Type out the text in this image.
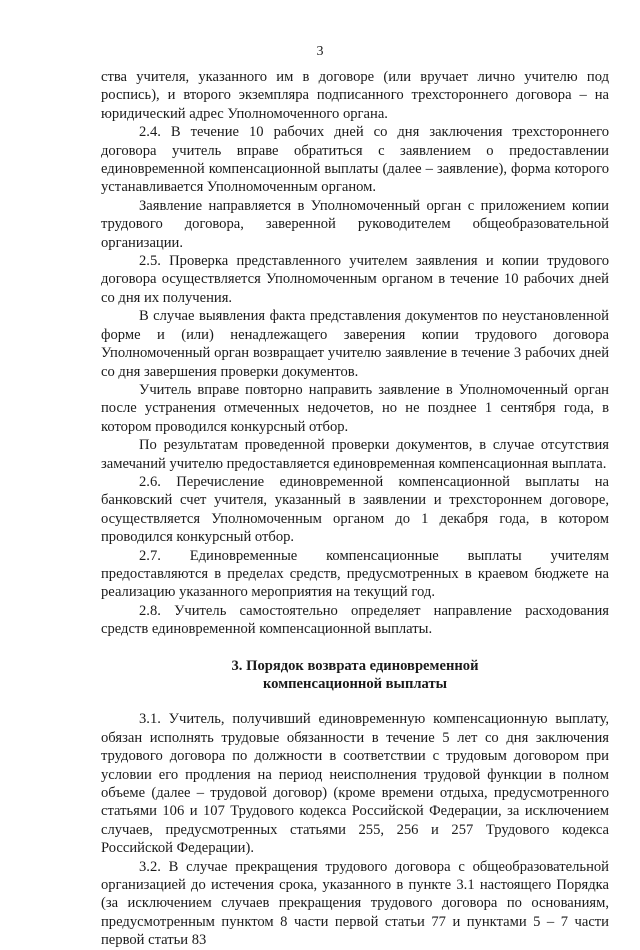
3

ства учителя, указанного им в договоре (или вручает лично учителю под роспись), и второго экземпляра подписанного трехстороннего договора – на юридический адрес Уполномоченного органа.

2.4. В течение 10 рабочих дней со дня заключения трехстороннего договора учитель вправе обратиться с заявлением о предоставлении единовременной компенсационной выплаты (далее – заявление), форма которого устанавливается Уполномоченным органом.

Заявление направляется в Уполномоченный орган с приложением копии трудового договора, заверенной руководителем общеобразовательной организации.

2.5. Проверка представленного учителем заявления и копии трудового договора осуществляется Уполномоченным органом в течение 10 рабочих дней со дня их получения.

В случае выявления факта представления документов по неустановленной форме и (или) ненадлежащего заверения копии трудового договора Уполномоченный орган возвращает учителю заявление в течение 3 рабочих дней со дня завершения проверки документов.

Учитель вправе повторно направить заявление в Уполномоченный орган после устранения отмеченных недочетов, но не позднее 1 сентября года, в котором проводился конкурсный отбор.

По результатам проведенной проверки документов, в случае отсутствия замечаний учителю предоставляется единовременная компенсационная выплата.

2.6. Перечисление единовременной компенсационной выплаты на банковский счет учителя, указанный в заявлении и трехстороннем договоре, осуществляется Уполномоченным органом до 1 декабря года, в котором проводился конкурсный отбор.

2.7. Единовременные компенсационные выплаты учителям предоставляются в пределах средств, предусмотренных в краевом бюджете на реализацию указанного мероприятия на текущий год.

2.8. Учитель самостоятельно определяет направление расходования средств единовременной компенсационной выплаты.

3. Порядок возврата единовременной
компенсационной выплаты

3.1. Учитель, получивший единовременную компенсационную выплату, обязан исполнять трудовые обязанности в течение 5 лет со дня заключения трудового договора по должности в соответствии с трудовым договором при условии его продления на период неисполнения трудовой функции в полном объеме (далее – трудовой договор) (кроме времени отдыха, предусмотренного статьями 106 и 107 Трудового кодекса Российской Федерации, за исключением случаев, предусмотренных статьями 255, 256 и 257 Трудового кодекса Российской Федерации).

3.2. В случае прекращения трудового договора с общеобразовательной организацией до истечения срока, указанного в пункте 3.1 настоящего Порядка (за исключением случаев прекращения трудового договора по основаниям, предусмотренным пунктом 8 части первой статьи 77 и пунктами 5 – 7 части первой статьи 83
